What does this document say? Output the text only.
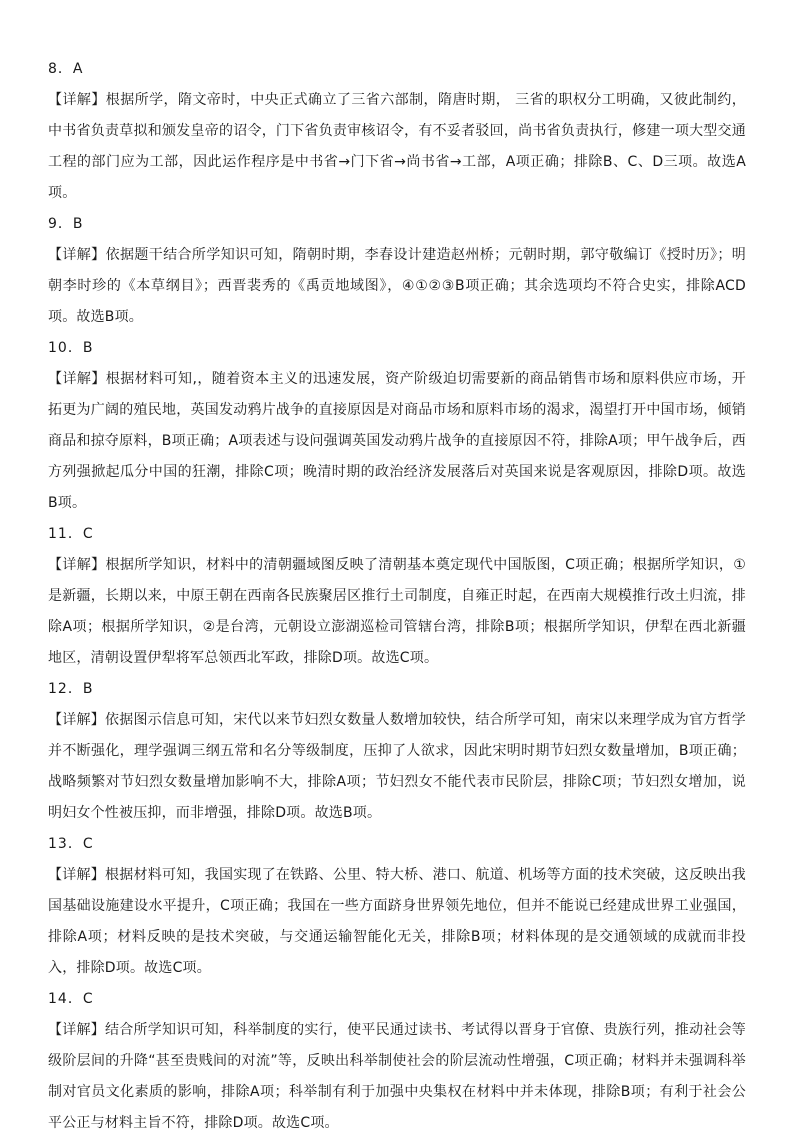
8．A

【详解】根据所学，隋文帝时，中央正式确立了三省六部制，隋唐时期， 三省的职权分工明确，又彼此制约，中书省负责草拟和颁发皇帝的诏令，门下省负责审核诏令，有不妥者驳回，尚书省负责执行，修建一项大型交通工程的部门应为工部，因此运作程序是中书省→门下省→尚书省→工部，A项正确；排除B、C、D三项。故选A项。

9．B

【详解】依据题干结合所学知识可知，隋朝时期，李春设计建造赵州桥；元朝时期，郭守敬编订《授时历》；明朝李时珍的《本草纲目》；西晋裴秀的《禹贡地域图》，④①②③B项正确；其余选项均不符合史实，排除ACD项。故选B项。

10．B

【详解】根据材料可知,，随着资本主义的迅速发展，资产阶级迫切需要新的商品销售市场和原料供应市场，开拓更为广阔的殖民地，英国发动鸦片战争的直接原因是对商品市场和原料市场的渴求，渴望打开中国市场，倾销商品和掠夺原料，B项正确；A项表述与设问强调英国发动鸦片战争的直接原因不符，排除A项；甲午战争后，西方列强掀起瓜分中国的狂潮，排除C项；晚清时期的政治经济发展落后对英国来说是客观原因，排除D项。故选B项。

11．C

【详解】根据所学知识，材料中的清朝疆域图反映了清朝基本奠定现代中国版图，C项正确；根据所学知识，①是新疆，长期以来，中原王朝在西南各民族聚居区推行土司制度，自雍正时起，在西南大规模推行改土归流，排除A项；根据所学知识，②是台湾，元朝设立澎湖巡检司管辖台湾，排除B项；根据所学知识，伊犁在西北新疆地区，清朝设置伊犁将军总领西北军政，排除D项。故选C项。

12．B

【详解】依据图示信息可知，宋代以来节妇烈女数量人数增加较快，结合所学可知，南宋以来理学成为官方哲学并不断强化，理学强调三纲五常和名分等级制度，压抑了人欲求，因此宋明时期节妇烈女数量增加，B项正确；战略频繁对节妇烈女数量增加影响不大，排除A项；节妇烈女不能代表市民阶层，排除C项；节妇烈女增加，说明妇女个性被压抑，而非增强，排除D项。故选B项。

13．C

【详解】根据材料可知，我国实现了在铁路、公里、特大桥、港口、航道、机场等方面的技术突破，这反映出我国基础设施建设水平提升，C项正确；我国在一些方面跻身世界领先地位，但并不能说已经建成世界工业强国，排除A项；材料反映的是技术突破，与交通运输智能化无关，排除B项；材料体现的是交通领域的成就而非投入，排除D项。故选C项。

14．C

【详解】结合所学知识可知，科举制度的实行，使平民通过读书、考试得以晋身于官僚、贵族行列，推动社会等级阶层间的升降“甚至贵贱间的对流”等，反映出科举制使社会的阶层流动性增强，C项正确；材料并未强调科举制对官员文化素质的影响，排除A项；科举制有利于加强中央集权在材料中并未体现，排除B项；有利于社会公平公正与材料主旨不符，排除D项。故选C项。
